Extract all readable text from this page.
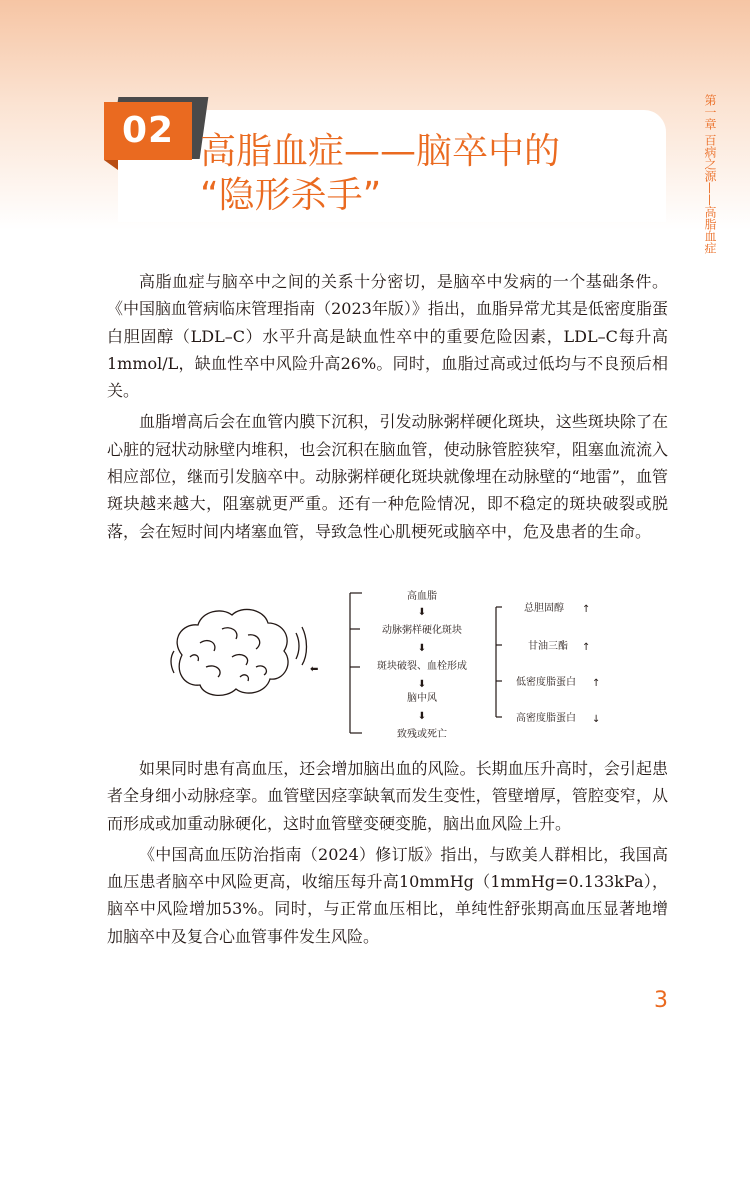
02
高脂血症——脑卒中的
“隐形杀手”	第一章 百病之源——高脂血症

高脂血症与脑卒中之间的关系十分密切，是脑卒中发病的一个基础条件。《中国脑血管病临床管理指南（2023年版）》指出，血脂异常尤其是低密度脂蛋白胆固醇（LDL–C）水平升高是缺血性卒中的重要危险因素，LDL–C每升高1mmol/L，缺血性卒中风险升高26%。同时，血脂过高或过低均与不良预后相关。

血脂增高后会在血管内膜下沉积，引发动脉粥样硬化斑块，这些斑块除了在心脏的冠状动脉壁内堆积，也会沉积在脑血管，使动脉管腔狭窄，阻塞血流流入相应部位，继而引发脑卒中。动脉粥样硬化斑块就像埋在动脉壁的“地雷”，血管斑块越来越大，阻塞就更严重。还有一种危险情况，即不稳定的斑块破裂或脱落，会在短时间内堵塞血管，导致急性心肌梗死或脑卒中，危及患者的生命。

⬅
高血脂
⬇
动脉粥样硬化斑块
⬇
斑块破裂、血栓形成
⬇
脑中风
⬇
致残或死亡
总胆固醇 ↑
甘油三酯 ↑
低密度脂蛋白 ↑
高密度脂蛋白 ↓

如果同时患有高血压，还会增加脑出血的风险。长期血压升高时，会引起患者全身细小动脉痉挛。血管壁因痉挛缺氧而发生变性，管壁增厚，管腔变窄，从而形成或加重动脉硬化，这时血管壁变硬变脆，脑出血风险上升。

《中国高血压防治指南（2024）修订版》指出，与欧美人群相比，我国高血压患者脑卒中风险更高，收缩压每升高10mmHg（1mmHg=0.133kPa），脑卒中风险增加53%。同时，与正常血压相比，单纯性舒张期高血压显著地增加脑卒中及复合心血管事件发生风险。

3
